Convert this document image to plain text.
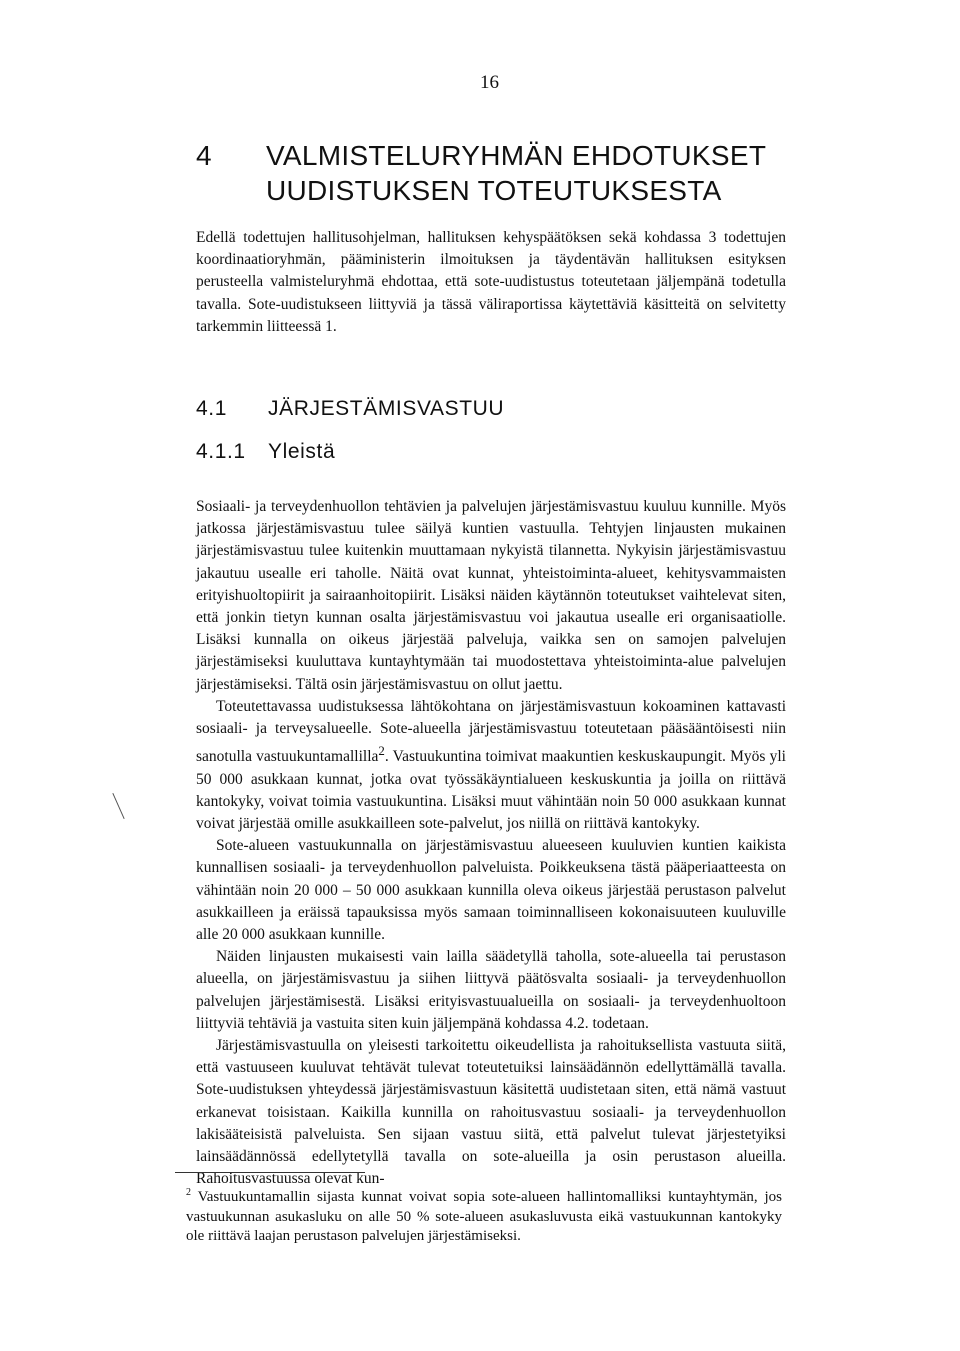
16
4 VALMISTELURYHMÄN EHDOTUKSET
UUDISTUKSEN TOTEUTUKSESTA

Edellä todettujen hallitusohjelman, hallituksen kehyspäätöksen sekä kohdassa 3 todettujen koordinaatioryhmän, pääministerin ilmoituksen ja täydentävän hallituksen esityksen perusteella valmisteluryhmä ehdottaa, että sote-uudistustus toteutetaan jäljempänä todetulla tavalla. Sote-uudistukseen liittyviä ja tässä väliraportissa käytettäviä käsitteitä on selvitetty tarkemmin liitteessä 1.

4.1 JÄRJESTÄMISVASTUU
4.1.1 Yleistä

Sosiaali- ja terveydenhuollon tehtävien ja palvelujen järjestämisvastuu kuuluu kunnille. Myös jatkossa järjestämisvastuu tulee säilyä kuntien vastuulla. Tehtyjen linjausten mukainen järjestämisvastuu tulee kuitenkin muuttamaan nykyistä tilannetta. Nykyisin järjestämisvastuu jakautuu usealle eri taholle. Näitä ovat kunnat, yhteistoiminta-alueet, kehitysvammaisten erityishuoltopiirit ja sairaanhoitopiirit. Lisäksi näiden käytännön toteutukset vaihtelevat siten, että jonkin tietyn kunnan osalta järjestämisvastuu voi jakautua usealle eri organisaatiolle. Lisäksi kunnalla on oikeus järjestää palveluja, vaikka sen on samojen palvelujen järjestämiseksi kuuluttava kuntayhtymään tai muodostettava yhteistoiminta-alue palvelujen järjestämiseksi. Tältä osin järjestämisvastuu on ollut jaettu.

Toteutettavassa uudistuksessa lähtökohtana on järjestämisvastuun kokoaminen kattavasti sosiaali- ja terveysalueelle. Sote-alueella järjestämisvastuu toteutetaan pääsääntöisesti niin sanotulla vastuukuntamallilla$^2$. Vastuukuntina toimivat maakuntien keskuskaupungit. Myös yli 50 000 asukkaan kunnat, jotka ovat työssäkäyntialueen keskuskuntia ja joilla on riittävä kantokyky, voivat toimia vastuukuntina. Lisäksi muut vähintään noin 50 000 asukkaan kunnat voivat järjestää omille asukkailleen sote-palvelut, jos niillä on riittävä kantokyky.

Sote-alueen vastuukunnalla on järjestämisvastuu alueeseen kuuluvien kuntien kaikista kunnallisen sosiaali- ja terveydenhuollon palveluista. Poikkeuksena tästä pääperiaatteesta on vähintään noin 20 000 – 50 000 asukkaan kunnilla oleva oikeus järjestää perustason palvelut asukkailleen ja eräissä tapauksissa myös samaan toiminnalliseen kokonaisuuteen kuuluville alle 20 000 asukkaan kunnille.

Näiden linjausten mukaisesti vain laillа säädetyllä taholla, sote-alueella tai perustason alueella, on järjestämisvastuu ja siihen liittyvä päätösvalta sosiaali- ja terveydenhuollon palvelujen järjestämisestä. Lisäksi erityisvastuualueilla on sosiaali- ja terveydenhuoltoon liittyviä tehtäviä ja vastuita siten kuin jäljempänä kohdassa 4.2. todetaan.

Järjestämisvastuulla on yleisesti tarkoitettu oikeudellista ja rahoituksellista vastuuta siitä, että vastuuseen kuuluvat tehtävät tulevat toteutetuiksi lainsäädännön edellyttämällä tavalla. Sote-uudistuksen yhteydessä järjestämisvastuun käsitettä uudistetaan siten, että nämä vastuut erkanevat toisistaan. Kaikilla kunnilla on rahoitusvastuu sosiaali- ja terveydenhuollon lakisääteisistä palveluista. Sen sijaan vastuu siitä, että palvelut tulevat järjestetyiksi lainsäädännössä edellytetyllä tavalla on sote-alueilla ja osin perustason alueilla. Rahoitusvastuussa olevat kun-

$^2$ Vastuukuntamallin sijasta kunnat voivat sopia sote-alueen hallintomalliksi kuntayhtymän, jos vastuukunnan asukasluku on alle 50 % sote-alueen asukasluvusta eikä vastuukunnan kantokyky ole riittävä laajan perustason palvelujen järjestämiseksi.
